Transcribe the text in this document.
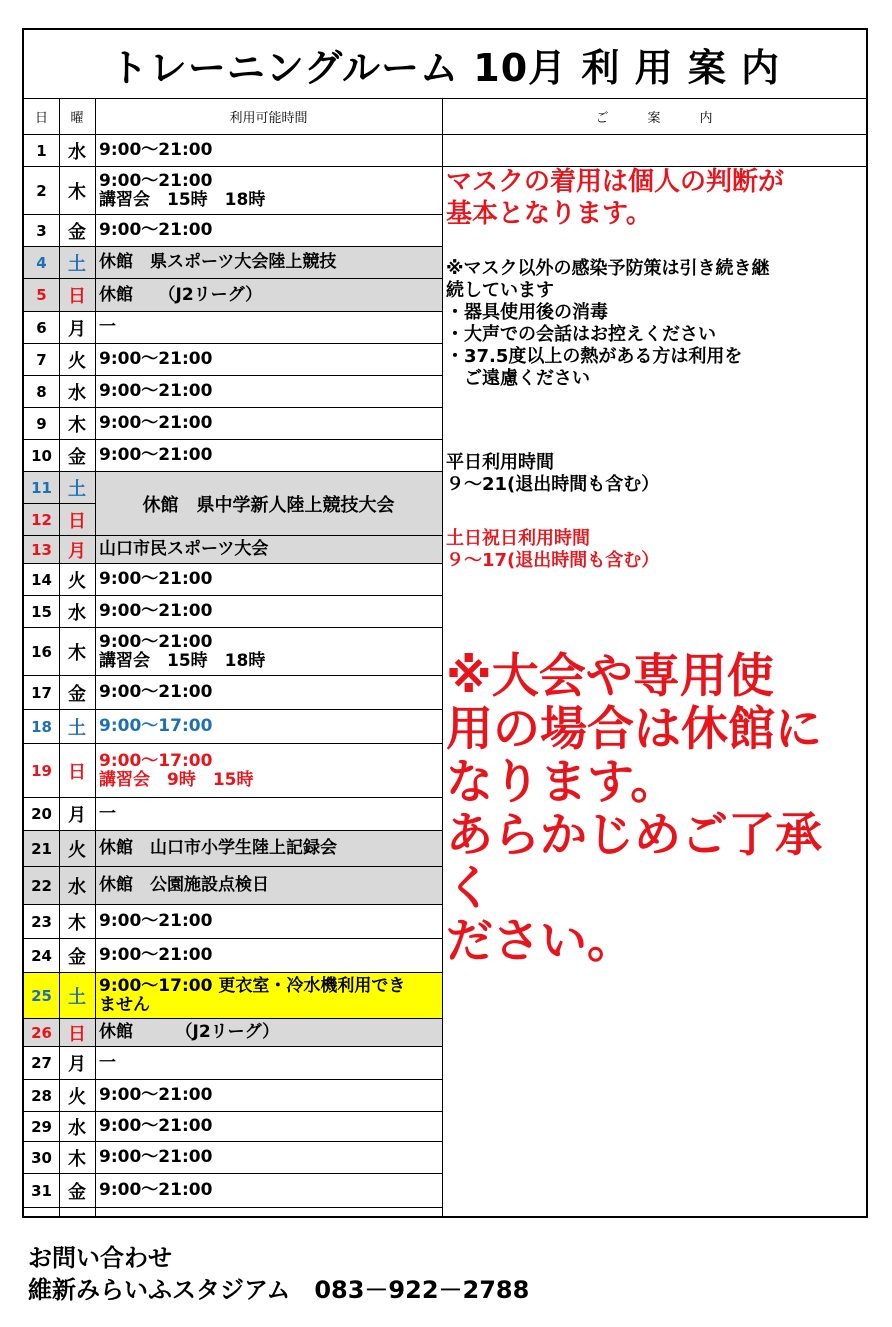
トレーニングルーム 10月 利 用 案 内
日	曜	利用可能時間	ご　　　案　　　内
1	水 9:00〜21:00
2	木
9:00〜21:00
講習会　15時　18時
3	金 9:00〜21:00
4	土 休館　県スポーツ大会陸上競技
5	日 休館　　（J2リーグ）
6	月 一
7	火 9:00〜21:00
8	水 9:00〜21:00
9	木 9:00〜21:00
10 金 9:00〜21:00
11 土
休館　県中学新人陸上競技大会
12 日
13 月 山口市民スポーツ大会
14 火 9:00〜21:00
15 水 9:00〜21:00
16 木
9:00〜21:00
講習会　15時　18時
17 金 9:00〜21:00
18 土 9:00〜17:00
19 日
9:00〜17:00
講習会　9時　15時
20 月 一
21 火 休館　山口市小学生陸上記録会
22 水 休館　公園施設点検日
23 木 9:00〜21:00
24 金 9:00〜21:00
25 土
9:00〜17:00 更衣室・冷水機利用でき
ません
26 日 休館　　　（J2リーグ）
27 月 一
28 火 9:00〜21:00
29 水 9:00〜21:00
30 木 9:00〜21:00
31 金 9:00〜21:00
マスクの着用は個人の判断が
基本となります。
※マスク以外の感染予防策は引き続き継
続しています
・器具使用後の消毒
・大声での会話はお控えください
・37.5度以上の熱がある方は利用を
　ご遠慮ください
平日利用時間
９〜21(退出時間も含む）
土日祝日利用時間
９〜17(退出時間も含む）
※大会や専用使
用の場合は休館に
なります。
あらかじめご了承く
ださい。
お問い合わせ
維新みらいふスタジアム　083－922－2788
